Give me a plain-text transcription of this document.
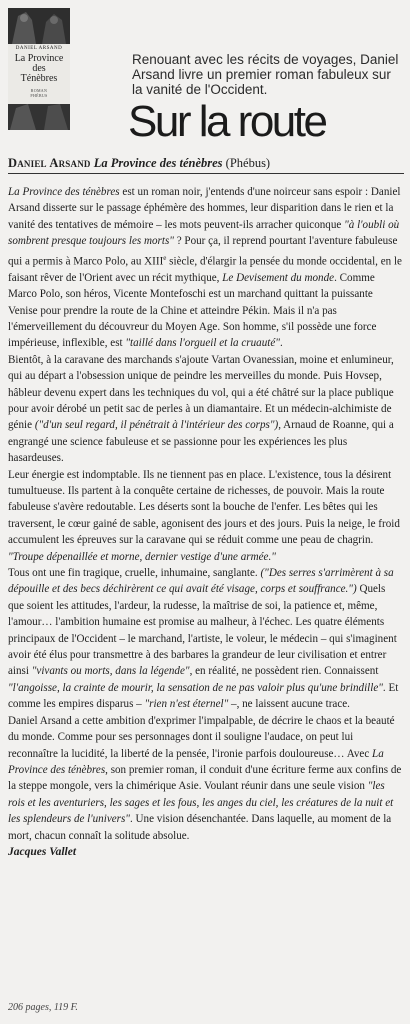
DANIEL ARSAND
La Province
des
Ténèbres
ROMAN
PHÉBUS
Renouant avec les récits de voyages, Daniel Arsand livre un premier roman fabuleux sur la vanité de l'Occident.
Sur la route
Daniel Arsand La Province des ténèbres (Phébus)

La Province des ténèbres est un roman noir, j'entends d'une noirceur sans espoir : Daniel Arsand disserte sur le passage éphémère des hommes, leur disparition dans le rien et la vanité des tentatives de mémoire – les mots peuvent-ils arracher quiconque "à l'oubli où sombrent presque toujours les morts" ? Pour ça, il reprend pourtant l'aventure fabuleuse qui a permis à Marco Polo, au XIIIe siècle, d'élargir la pensée du monde occidental, en le faisant rêver de l'Orient avec un récit mythique, Le Devisement du monde. Comme Marco Polo, son héros, Vicente Montefoschi est un marchand quittant la puissante Venise pour prendre la route de la Chine et atteindre Pékin. Mais il n'a pas l'émerveillement du découvreur du Moyen Age. Son homme, s'il possède une force impérieuse, inflexible, est "taillé dans l'orgueil et la cruauté".

Bientôt, à la caravane des marchands s'ajoute Vartan Ovanessian, moine et enlumineur, qui au départ a l'obsession unique de peindre les merveilles du monde. Puis Hovsep, hâbleur devenu expert dans les techniques du vol, qui a été châtré sur la place publique pour avoir dérobé un petit sac de perles à un diamantaire. Et un médecin-alchimiste de génie ("d'un seul regard, il pénétrait à l'intérieur des corps"), Arnaud de Roanne, qui a engrangé une science fabuleuse et se passionne pour les expériences les plus hasardeuses.

Leur énergie est indomptable. Ils ne tiennent pas en place. L'existence, tous la désirent tumultueuse. Ils partent à la conquête certaine de richesses, de pouvoir. Mais la route fabuleuse s'avère redoutable. Les déserts sont la bouche de l'enfer. Les bêtes qui les traversent, le cœur gainé de sable, agonisent des jours et des jours. Puis la neige, le froid accumulent les épreuves sur la caravane qui se réduit comme une peau de chagrin. "Troupe dépenaillée et morne, dernier vestige d'une armée."

Tous ont une fin tragique, cruelle, inhumaine, sanglante. ("Des serres s'arrimèrent à sa dépouille et des becs déchirèrent ce qui avait été visage, corps et souffrance.") Quels que soient les attitudes, l'ardeur, la rudesse, la maîtrise de soi, la patience et, même, l'amour… l'ambition humaine est promise au malheur, à l'échec. Les quatre éléments principaux de l'Occident – le marchand, l'artiste, le voleur, le médecin – qui s'imaginent avoir été élus pour transmettre à des barbares la grandeur de leur civilisation et entrer ainsi "vivants ou morts, dans la légende", en réalité, ne possèdent rien. Connaissent "l'angoisse, la crainte de mourir, la sensation de ne pas valoir plus qu'une brindille". Et comme les empires disparus – "rien n'est éternel" –, ne laissent aucune trace.

Daniel Arsand a cette ambition d'exprimer l'impalpable, de décrire le chaos et la beauté du monde. Comme pour ses personnages dont il souligne l'audace, on peut lui reconnaître la lucidité, la liberté de la pensée, l'ironie parfois douloureuse… Avec La Province des ténèbres, son premier roman, il conduit d'une écriture ferme aux confins de la steppe mongole, vers la chimérique Asie. Voulant réunir dans une seule vision "les rois et les aventuriers, les sages et les fous, les anges du ciel, les créatures de la nuit et les splendeurs de l'univers". Une vision désenchantée. Dans laquelle, au moment de la mort, chacun connaît la solitude absolue.

Jacques Vallet

206 pages, 119 F.
